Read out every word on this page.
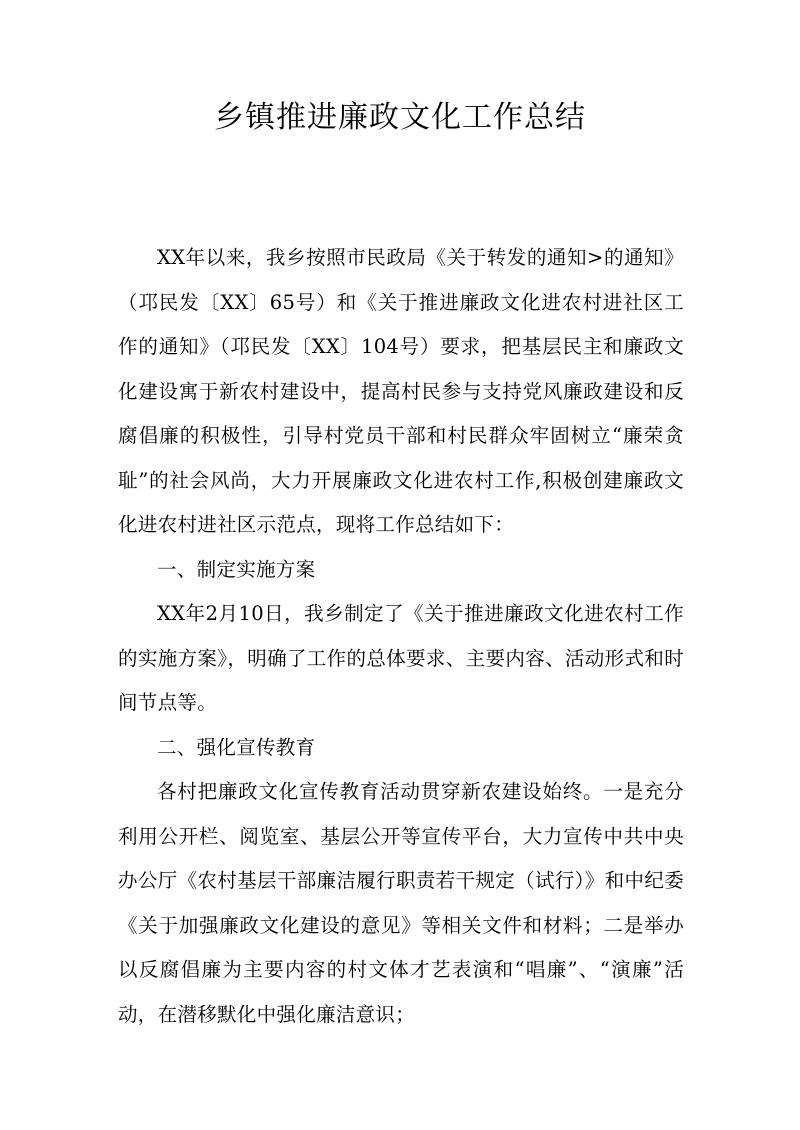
乡镇推进廉政文化工作总结

XX年以来，我乡按照市民政局《关于转发的通知>的通知》（邛民发〔XX〕65号）和《关于推进廉政文化进农村进社区工作的通知》（邛民发〔XX〕104号）要求，把基层民主和廉政文化建设寓于新农村建设中，提高村民参与支持党风廉政建设和反腐倡廉的积极性，引导村党员干部和村民群众牢固树立“廉荣贪耻”的社会风尚，大力开展廉政文化进农村工作,积极创建廉政文化进农村进社区示范点，现将工作总结如下：

一、制定实施方案

XX年2月10日，我乡制定了《关于推进廉政文化进农村工作的实施方案》，明确了工作的总体要求、主要内容、活动形式和时间节点等。

二、强化宣传教育

各村把廉政文化宣传教育活动贯穿新农建设始终。一是充分利用公开栏、阅览室、基层公开等宣传平台，大力宣传中共中央办公厅《农村基层干部廉洁履行职责若干规定（试行）》和中纪委《关于加强廉政文化建设的意见》等相关文件和材料；二是举办以反腐倡廉为主要内容的村文体才艺表演和“唱廉”、“演廉”活动，在潜移默化中强化廉洁意识；
